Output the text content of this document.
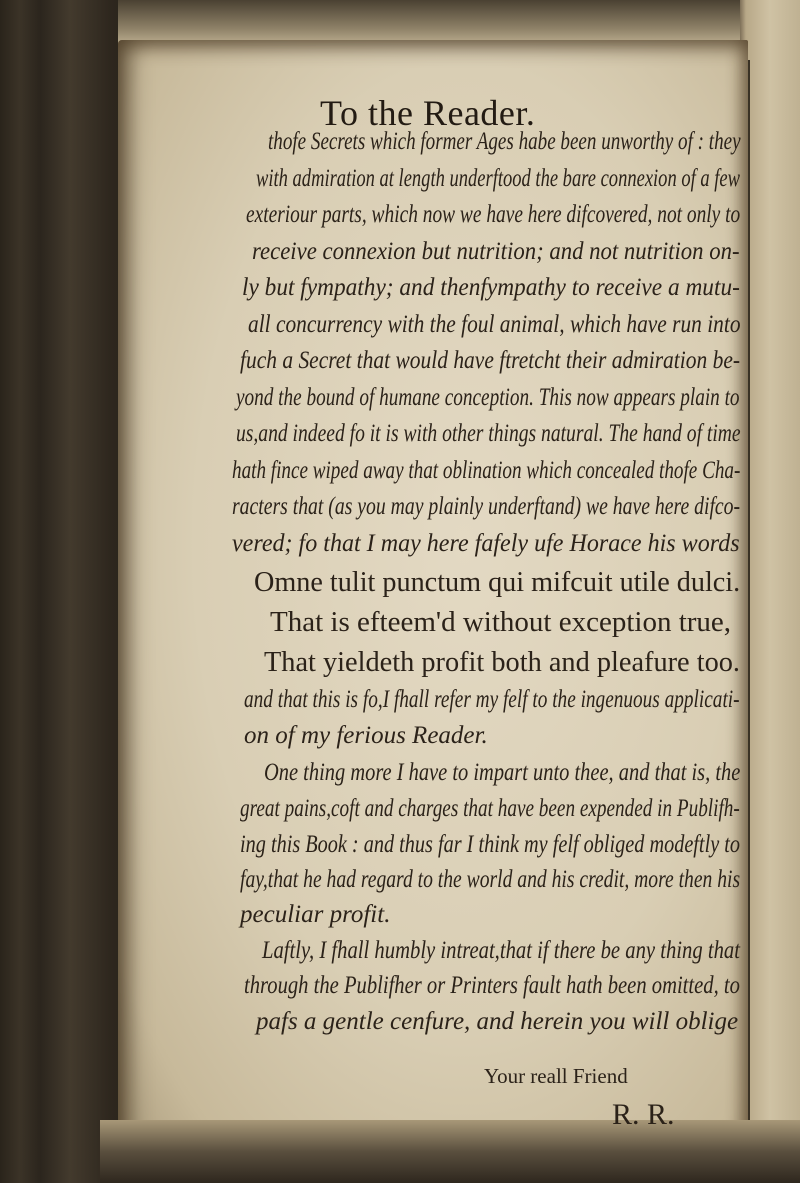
To the Reader.
thofe Secrets which former Ages habe been unworthy of : they
with admiration at length underftood the bare connexion of a few
exteriour parts, which now we have here difcovered, not only to
receive connexion but nutrition; and not nutrition on-
ly but fympathy; and thenfympathy to receive a mutu-
all concurrency with the foul animal, which have run into
fuch a Secret that would have ftretcht their admiration be-
yond the bound of humane conception. This now appears plain to
us,and indeed fo it is with other things natural. The hand of time
hath fince wiped away that oblination which concealed thofe Cha-
racters that (as you may plainly underftand) we have here difco-
vered; fo that I may here fafely ufe Horace his words
Omne tulit punctum qui mifcuit utile dulci.
That is efteem'd without exception true,
That yieldeth profit both and pleafure too.
and that this is fo,I fhall refer my felf to the ingenuous applicati-
on of my ferious Reader.
One thing more I have to impart unto thee, and that is, the
great pains,coft and charges that have been expended in Publifh-
ing this Book : and thus far I think my felf obliged modeftly to
fay,that he had regard to the world and his credit, more then his
peculiar profit.
Laftly, I fhall humbly intreat,that if there be any thing that
through the Publifher or Printers fault hath been omitted, to
pafs a gentle cenfure, and herein you will oblige
Your reall Friend
R. R.
